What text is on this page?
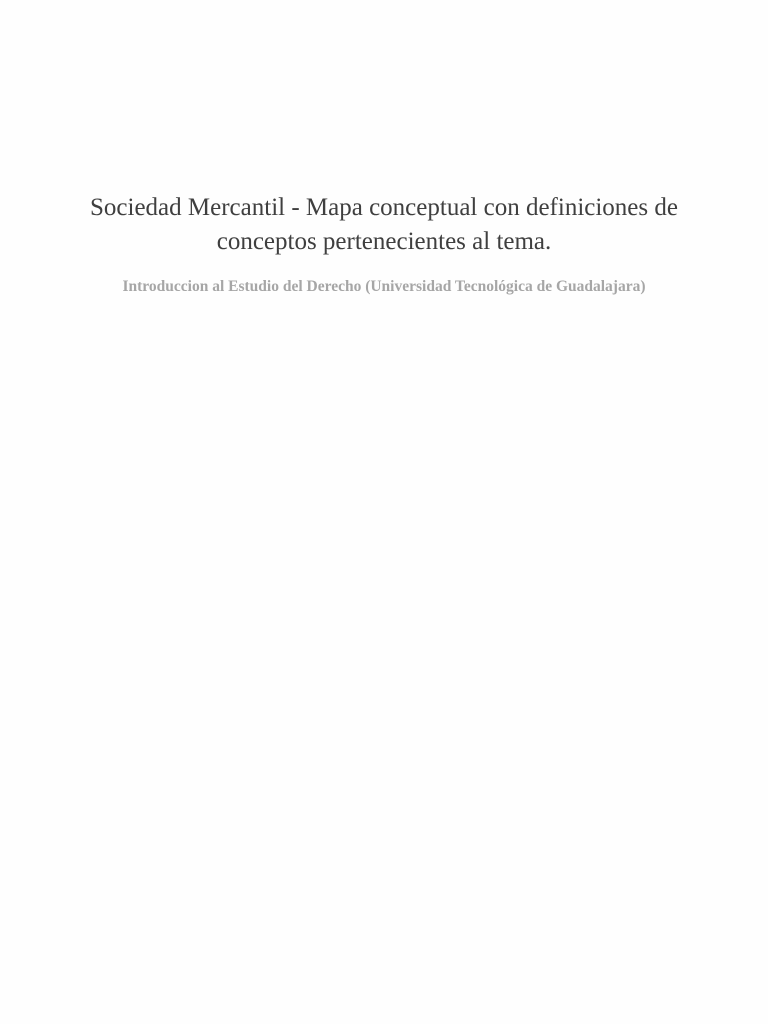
Sociedad Mercantil - Mapa conceptual con definiciones de conceptos pertenecientes al tema.

Introduccion al Estudio del Derecho (Universidad Tecnológica de Guadalajara)
